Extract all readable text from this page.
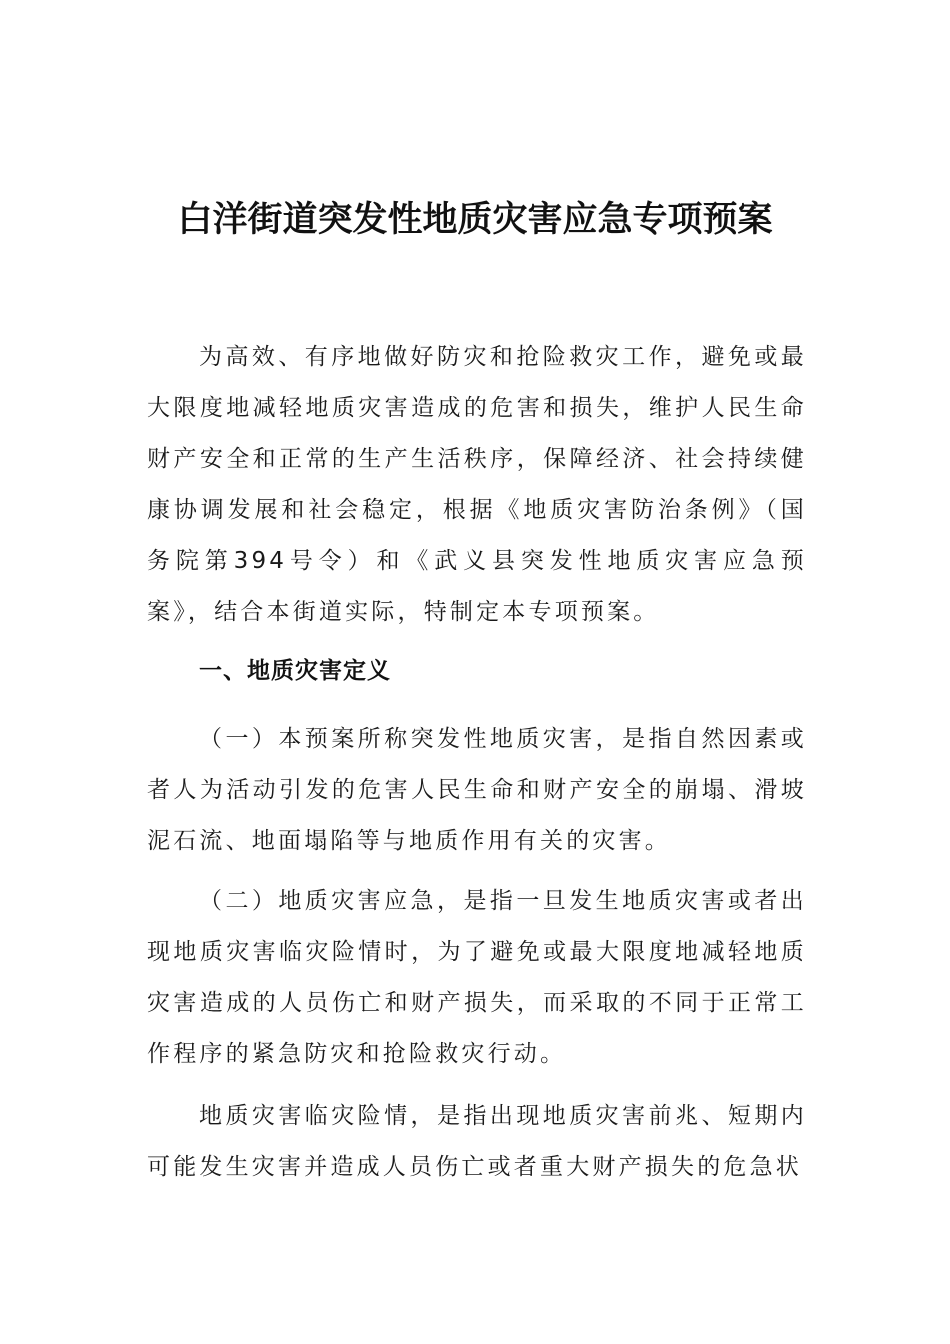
白洋街道突发性地质灾害应急专项预案

为高效、有序地做好防灾和抢险救灾工作，避免或最大限度地减轻地质灾害造成的危害和损失，维护人民生命财产安全和正常的生产生活秩序，保障经济、社会持续健康协调发展和社会稳定，根据《地质灾害防治条例》（国务院第394号令）和《武义县突发性地质灾害应急预案》，结合本街道实际，特制定本专项预案。

一、地质灾害定义

（一）本预案所称突发性地质灾害，是指自然因素或者人为活动引发的危害人民生命和财产安全的崩塌、滑坡泥石流、地面塌陷等与地质作用有关的灾害。

（二）地质灾害应急，是指一旦发生地质灾害或者出现地质灾害临灾险情时，为了避免或最大限度地减轻地质灾害造成的人员伤亡和财产损失，而采取的不同于正常工作程序的紧急防灾和抢险救灾行动。

地质灾害临灾险情，是指出现地质灾害前兆、短期内可能发生灾害并造成人员伤亡或者重大财产损失的危急状
